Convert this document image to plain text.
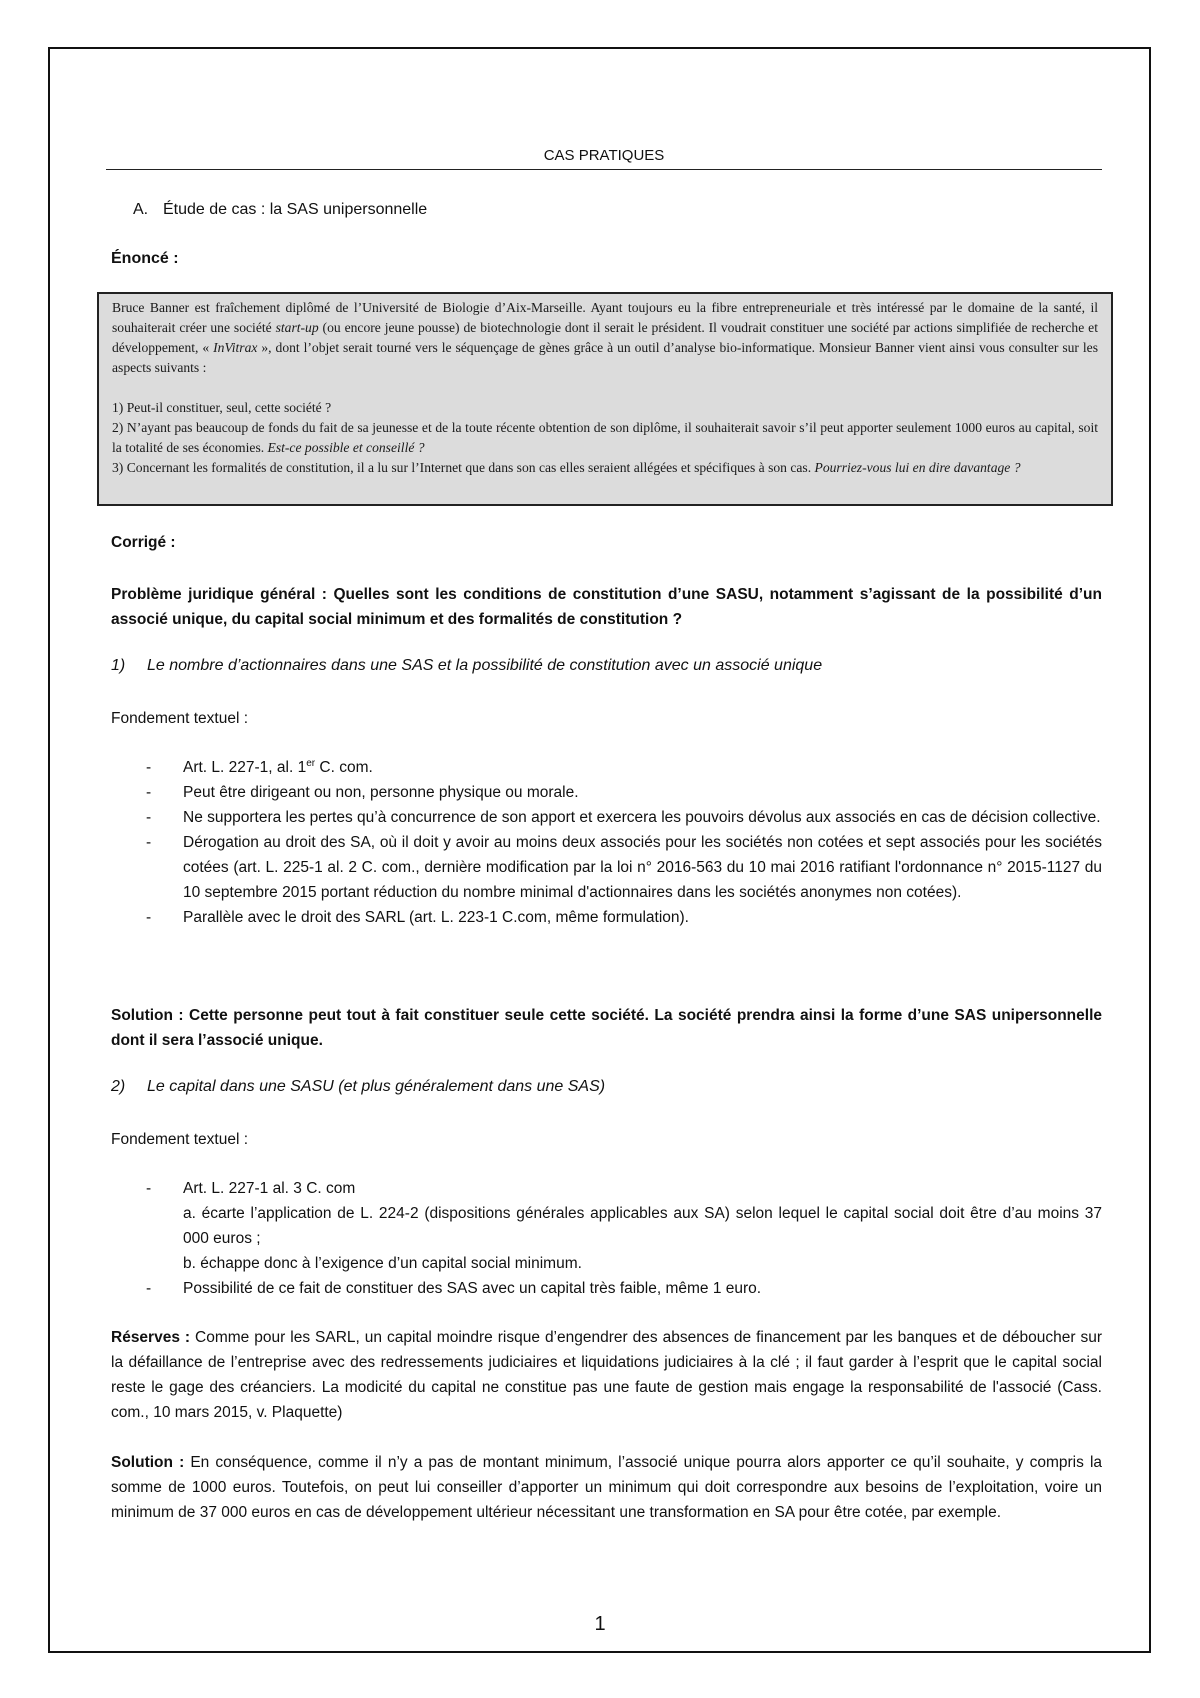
CAS PRATIQUES
A. Étude de cas : la SAS unipersonnelle
Énoncé :

Bruce Banner est fraîchement diplômé de l’Université de Biologie d’Aix-Marseille. Ayant toujours eu la fibre entrepreneuriale et très intéressé par le domaine de la santé, il souhaiterait créer une société start-up (ou encore jeune pousse) de biotechnologie dont il serait le président. Il voudrait constituer une société par actions simplifiée de recherche et développement, « InVitrax », dont l’objet serait tourné vers le séquençage de gènes grâce à un outil d’analyse bio-informatique. Monsieur Banner vient ainsi vous consulter sur les aspects suivants :

1) Peut-il constituer, seul, cette société ?

2) N’ayant pas beaucoup de fonds du fait de sa jeunesse et de la toute récente obtention de son diplôme, il souhaiterait savoir s’il peut apporter seulement 1000 euros au capital, soit la totalité de ses économies. Est-ce possible et conseillé ?

3) Concernant les formalités de constitution, il a lu sur l’Internet que dans son cas elles seraient allégées et spécifiques à son cas. Pourriez-vous lui en dire davantage ?

Corrigé :
Problème juridique général : Quelles sont les conditions de constitution d’une SASU, notamment s’agissant de la possibilité d’un associé unique, du capital social minimum et des formalités de constitution ?
1) Le nombre d’actionnaires dans une SAS et la possibilité de constitution avec un associé unique
Fondement textuel :
- Art. L. 227-1, al. 1er C. com.
- Peut être dirigeant ou non, personne physique ou morale.
- Ne supportera les pertes qu’à concurrence de son apport et exercera les pouvoirs dévolus aux associés en cas de décision collective.
- Dérogation au droit des SA, où il doit y avoir au moins deux associés pour les sociétés non cotées et sept associés pour les sociétés cotées (art. L. 225-1 al. 2 C. com., dernière modification par la loi n° 2016-563 du 10 mai 2016 ratifiant l'ordonnance n° 2015-1127 du 10 septembre 2015 portant réduction du nombre minimal d'actionnaires dans les sociétés anonymes non cotées).
- Parallèle avec le droit des SARL (art. L. 223-1 C.com, même formulation).
Solution : Cette personne peut tout à fait constituer seule cette société. La société prendra ainsi la forme d’une SAS unipersonnelle dont il sera l’associé unique.
2) Le capital dans une SASU (et plus généralement dans une SAS)
Fondement textuel :
- Art. L. 227-1 al. 3 C. com
a. écarte l’application de L. 224-2 (dispositions générales applicables aux SA) selon lequel le capital social doit être d’au moins 37 000 euros ;
b. échappe donc à l’exigence d’un capital social minimum.
- Possibilité de ce fait de constituer des SAS avec un capital très faible, même 1 euro.
Réserves : Comme pour les SARL, un capital moindre risque d’engendrer des absences de financement par les banques et de déboucher sur la défaillance de l’entreprise avec des redressements judiciaires et liquidations judiciaires à la clé ; il faut garder à l’esprit que le capital social reste le gage des créanciers. La modicité du capital ne constitue pas une faute de gestion mais engage la responsabilité de l'associé (Cass. com., 10 mars 2015, v. Plaquette)
Solution : En conséquence, comme il n’y a pas de montant minimum, l’associé unique pourra alors apporter ce qu’il souhaite, y compris la somme de 1000 euros. Toutefois, on peut lui conseiller d’apporter un minimum qui doit correspondre aux besoins de l’exploitation, voire un minimum de 37 000 euros en cas de développement ultérieur nécessitant une transformation en SA pour être cotée, par exemple.
1
